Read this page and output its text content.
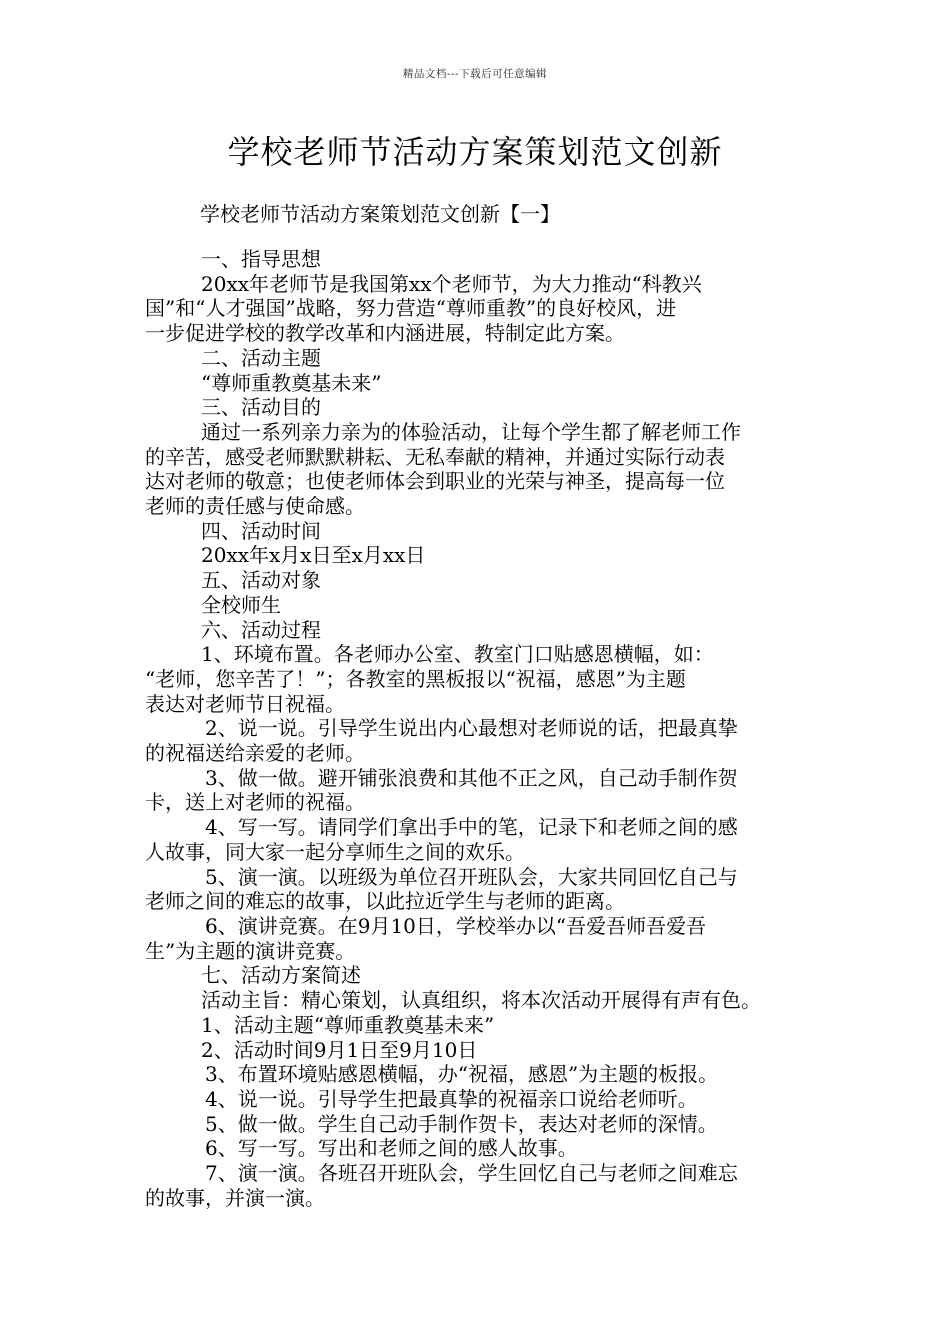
精品文档---下载后可任意编辑
学校老师节活动方案策划范文创新
学校老师节活动方案策划范文创新【一】
一、指导思想
20xx年老师节是我国第xx个老师节，为大力推动“科教兴
国”和“人才强国”战略，努力营造“尊师重教”的良好校风，进
一步促进学校的教学改革和内涵进展，特制定此方案。
二、活动主题
“尊师重教奠基未来”
三、活动目的
通过一系列亲力亲为的体验活动，让每个学生都了解老师工作
的辛苦，感受老师默默耕耘、无私奉献的精神，并通过实际行动表
达对老师的敬意；也使老师体会到职业的光荣与神圣，提高每一位
老师的责任感与使命感。
四、活动时间
20xx年x月x日至x月xx日
五、活动对象
全校师生
六、活动过程
1、环境布置。各老师办公室、教室门口贴感恩横幅，如：
“老师，您辛苦了！”；各教室的黑板报以“祝福，感恩”为主题
表达对老师节日祝福。
2、说一说。引导学生说出内心最想对老师说的话，把最真挚
的祝福送给亲爱的老师。
3、做一做。避开铺张浪费和其他不正之风，自己动手制作贺
卡，送上对老师的祝福。
4、写一写。请同学们拿出手中的笔，记录下和老师之间的感
人故事，同大家一起分享师生之间的欢乐。
5、演一演。以班级为单位召开班队会，大家共同回忆自己与
老师之间的难忘的故事，以此拉近学生与老师的距离。
6、演讲竞赛。在9月10日，学校举办以“吾爱吾师吾爱吾
生”为主题的演讲竞赛。
七、活动方案简述
活动主旨：精心策划，认真组织，将本次活动开展得有声有色。
1、活动主题“尊师重教奠基未来”
2、活动时间9月1日至9月10日
3、布置环境贴感恩横幅，办“祝福，感恩”为主题的板报。
4、说一说。引导学生把最真挚的祝福亲口说给老师听。
5、做一做。学生自己动手制作贺卡，表达对老师的深情。
6、写一写。写出和老师之间的感人故事。
7、演一演。各班召开班队会，学生回忆自己与老师之间难忘
的故事，并演一演。
